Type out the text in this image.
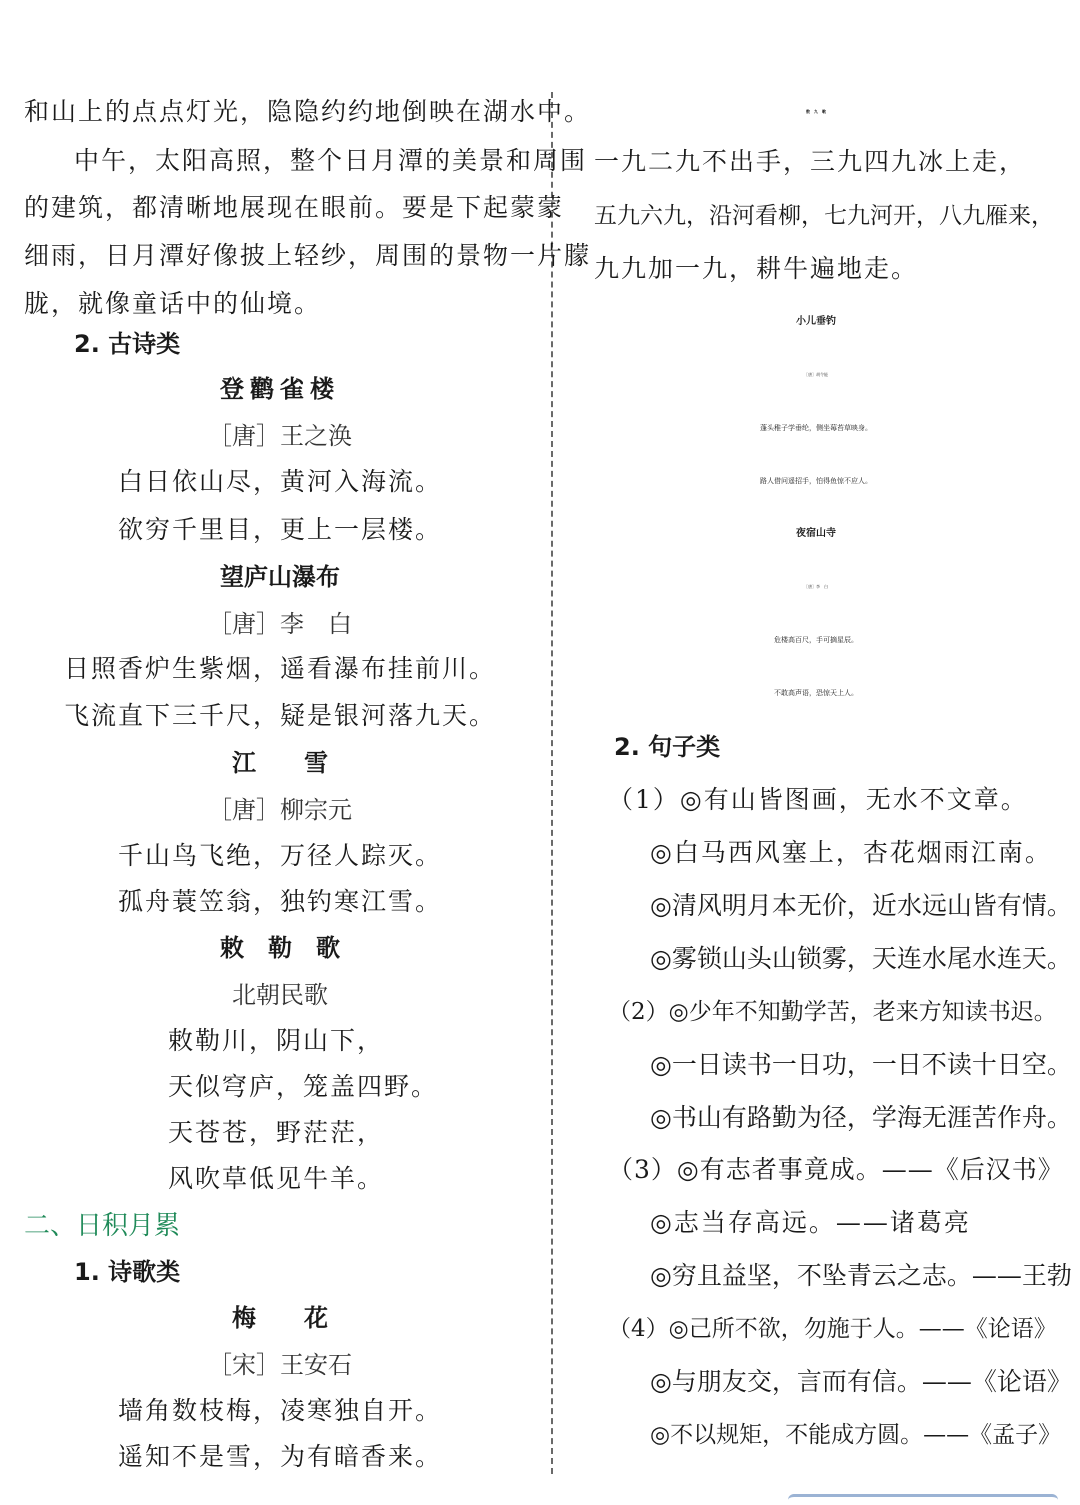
和山上的点点灯光，隐隐约约地倒映在湖水中。
中午，太阳高照，整个日月潭的美景和周围
的建筑，都清晰地展现在眼前。要是下起蒙蒙
细雨，日月潭好像披上轻纱，周围的景物一片朦
胧，就像童话中的仙境。
2. 古诗类
登鹳雀楼
［唐］王之涣
白日依山尽，黄河入海流。
欲穷千里目，更上一层楼。
望庐山瀑布
［唐］李　白
日照香炉生紫烟，遥看瀑布挂前川。
飞流直下三千尺，疑是银河落九天。
江　　雪
［唐］柳宗元
千山鸟飞绝，万径人踪灭。
孤舟蓑笠翁，独钓寒江雪。
敕　勒　歌
北朝民歌
敕勒川，阴山下，
天似穹庐，笼盖四野。
天苍苍，野茫茫，
风吹草低见牛羊。
二、日积月累
1. 诗歌类
梅　　花
［宋］王安石
墙角数枝梅，凌寒独自开。
遥知不是雪，为有暗香来。
数　九　歌
一九二九不出手，三九四九冰上走，
五九六九，沿河看柳，七九河开，八九雁来，
九九加一九，耕牛遍地走。
小儿垂钓
［唐］胡令能
蓬头稚子学垂纶，侧坐莓苔草映身。
路人借问遥招手，怕得鱼惊不应人。
夜宿山寺
［唐］李　白
危楼高百尺，手可摘星辰。
不敢高声语，恐惊天上人。
2. 句子类
（1）◎有山皆图画，无水不文章。
◎白马西风塞上，杏花烟雨江南。
◎清风明月本无价，近水远山皆有情。
◎雾锁山头山锁雾，天连水尾水连天。
（2）◎少年不知勤学苦，老来方知读书迟。
◎一日读书一日功，一日不读十日空。
◎书山有路勤为径，学海无涯苦作舟。
（3）◎有志者事竟成。——《后汉书》
◎志当存高远。——诸葛亮
◎穷且益坚，不坠青云之志。——王勃
（4）◎己所不欲，勿施于人。——《论语》
◎与朋友交，言而有信。——《论语》
◎不以规矩，不能成方圆。——《孟子》
